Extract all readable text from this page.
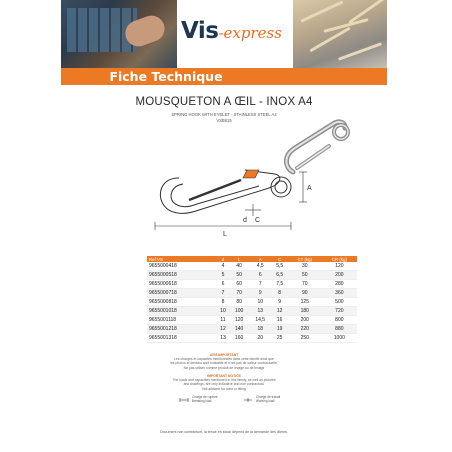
Vis-express
Fiche Technique
MOUSQUETON A ŒIL - INOX A4
SPRING HOOK WITH EYELET - STAINLESS STEEL A4
VSB615
L
A
d C
Ref VS	d	L	A	C	CT (kg)	CR (kg)
9655000418	4	40	4,5	5,5	30	120
9655000518	5	50	6	6,5	50	200
9655000618	6	60	7	7,5	70	280
9655000718	7	70	9	8	90	360
9655000818	8	80	10	9	125	500
9655001018	10	100	13	12	180	720
9655001118	11	120	14,5	16	200	800
9655001218	12	140	18	19	220	880
9655001318	13	160	20	25	250	1000
AVIS IMPORTANT
Les charges et capacités mentionnées dans cette famille ainsi que
les photos et dessins sont indicatifs et n'ont pas de valeur contractuelle.
Ne pas utiliser comme produit de levage ou de levage
IMPORTANT NOTICE
The loads and capacities mentioned in this family, as well as pictures
and drawings, are only indicative and non contractual.
Not allowed for hoist or lifting

Charge de rupture
Breaking load

Charge de travail
Working load
Document non contractuel, la tenue en stock dépend de la demande des clients.
